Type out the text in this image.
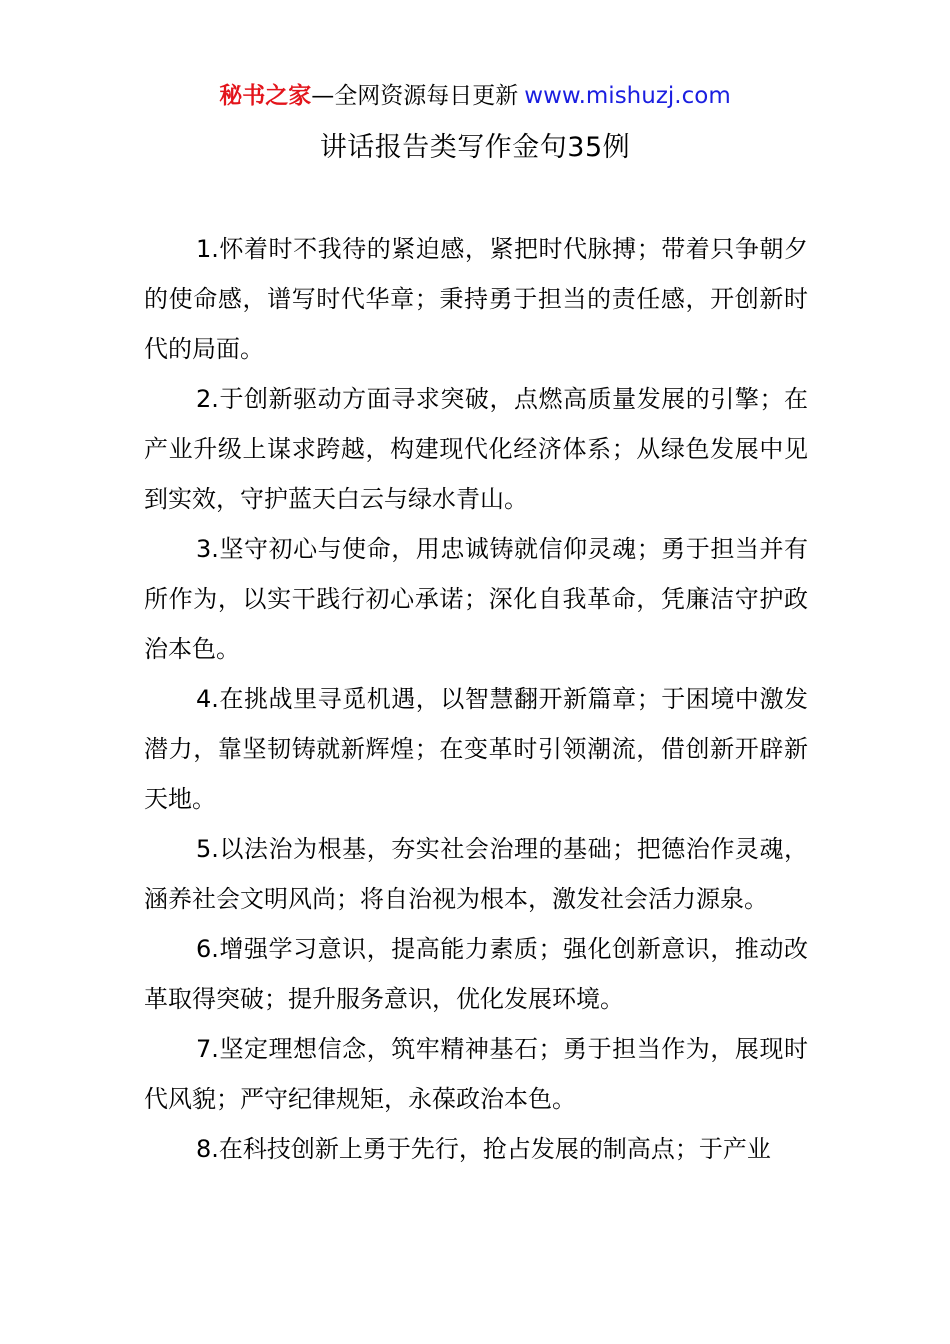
秘书之家—全网资源每日更新 www.mishuzj.com
讲话报告类写作金句35例

1.怀着时不我待的紧迫感，紧把时代脉搏；带着只争朝夕的使命感，谱写时代华章；秉持勇于担当的责任感，开创新时代的局面。

2.于创新驱动方面寻求突破，点燃高质量发展的引擎；在产业升级上谋求跨越，构建现代化经济体系；从绿色发展中见到实效，守护蓝天白云与绿水青山。

3.坚守初心与使命，用忠诚铸就信仰灵魂；勇于担当并有所作为，以实干践行初心承诺；深化自我革命，凭廉洁守护政治本色。

4.在挑战里寻觅机遇，以智慧翻开新篇章；于困境中激发潜力，靠坚韧铸就新辉煌；在变革时引领潮流，借创新开辟新天地。

5.以法治为根基，夯实社会治理的基础；把德治作灵魂，涵养社会文明风尚；将自治视为根本，激发社会活力源泉。

6.增强学习意识，提高能力素质；强化创新意识，推动改革取得突破；提升服务意识，优化发展环境。

7.坚定理想信念，筑牢精神基石；勇于担当作为，展现时代风貌；严守纪律规矩，永葆政治本色。

8.在科技创新上勇于先行，抢占发展的制高点；于产业
